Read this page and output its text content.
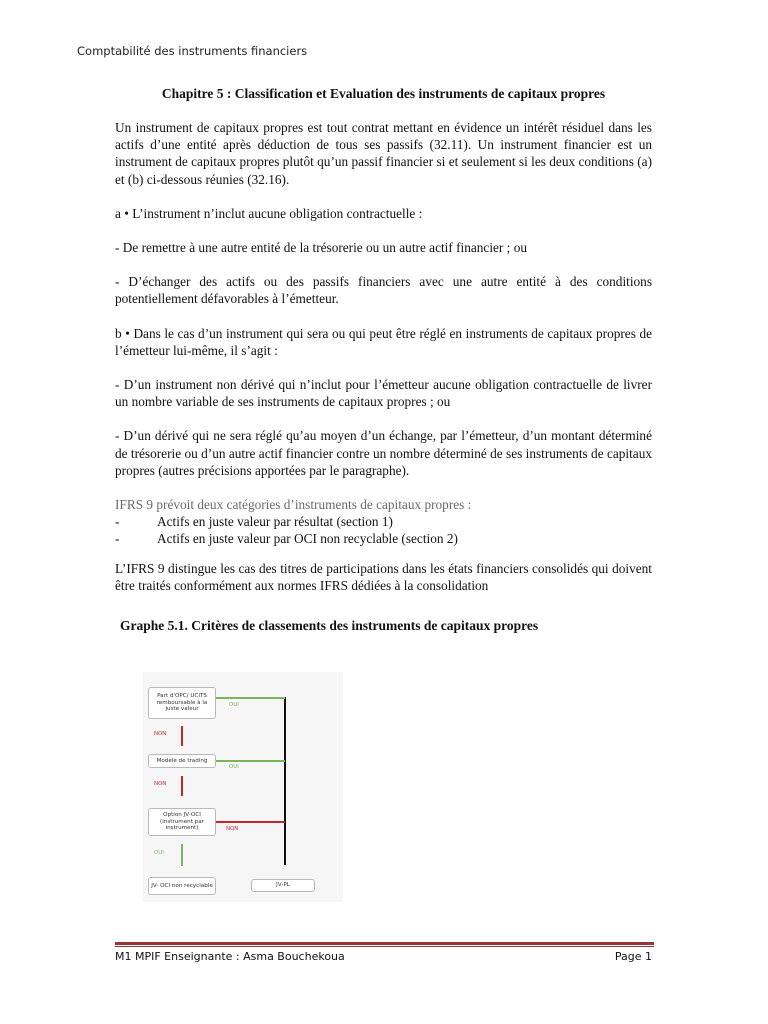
Comptabilité des instruments financiers
Chapitre 5 : Classification et Evaluation des instruments de capitaux propres

Un instrument de capitaux propres est tout contrat mettant en évidence un intérêt résiduel dans les actifs d’une entité après déduction de tous ses passifs (32.11). Un instrument financier est un instrument de capitaux propres plutôt qu’un passif financier si et seulement si les deux conditions (a) et (b) ci-dessous réunies (32.16).

a • L’instrument n’inclut aucune obligation contractuelle :

- De remettre à une autre entité de la trésorerie ou un autre actif financier ; ou

- D’échanger des actifs ou des passifs financiers avec une autre entité à des conditions potentiellement défavorables à l’émetteur.

b • Dans le cas d’un instrument qui sera ou qui peut être réglé en instruments de capitaux propres de l’émetteur lui-même, il s’agit :

- D’un instrument non dérivé qui n’inclut pour l’émetteur aucune obligation contractuelle de livrer un nombre variable de ses instruments de capitaux propres ; ou

- D’un dérivé qui ne sera réglé qu’au moyen d’un échange, par l’émetteur, d’un montant déterminé de trésorerie ou d’un autre actif financier contre un nombre déterminé de ses instruments de capitaux propres (autres précisions apportées par le paragraphe).

IFRS 9 prévoit deux catégories d’instruments de capitaux propres :

-	Actifs en juste valeur par résultat (section 1)
-	Actifs en juste valeur par OCI non recyclable (section 2)

L’IFRS 9 distingue les cas des titres de participations dans les états financiers consolidés qui doivent être traités conformément aux normes IFRS dédiées à la consolidation

Graphe 5.1. Critères de classements des instruments de capitaux propres
Part d'OPC/ UCITS remboursable à la juste valeur
Modèle de trading
Option JV-OCI (instrument par instrument)
JV- OCI non recyclable	JV-PL
OUI
NON
OUI
NON
NON
OUI
M1 MPIF Enseignante : Asma Bouchekoua	Page 1
